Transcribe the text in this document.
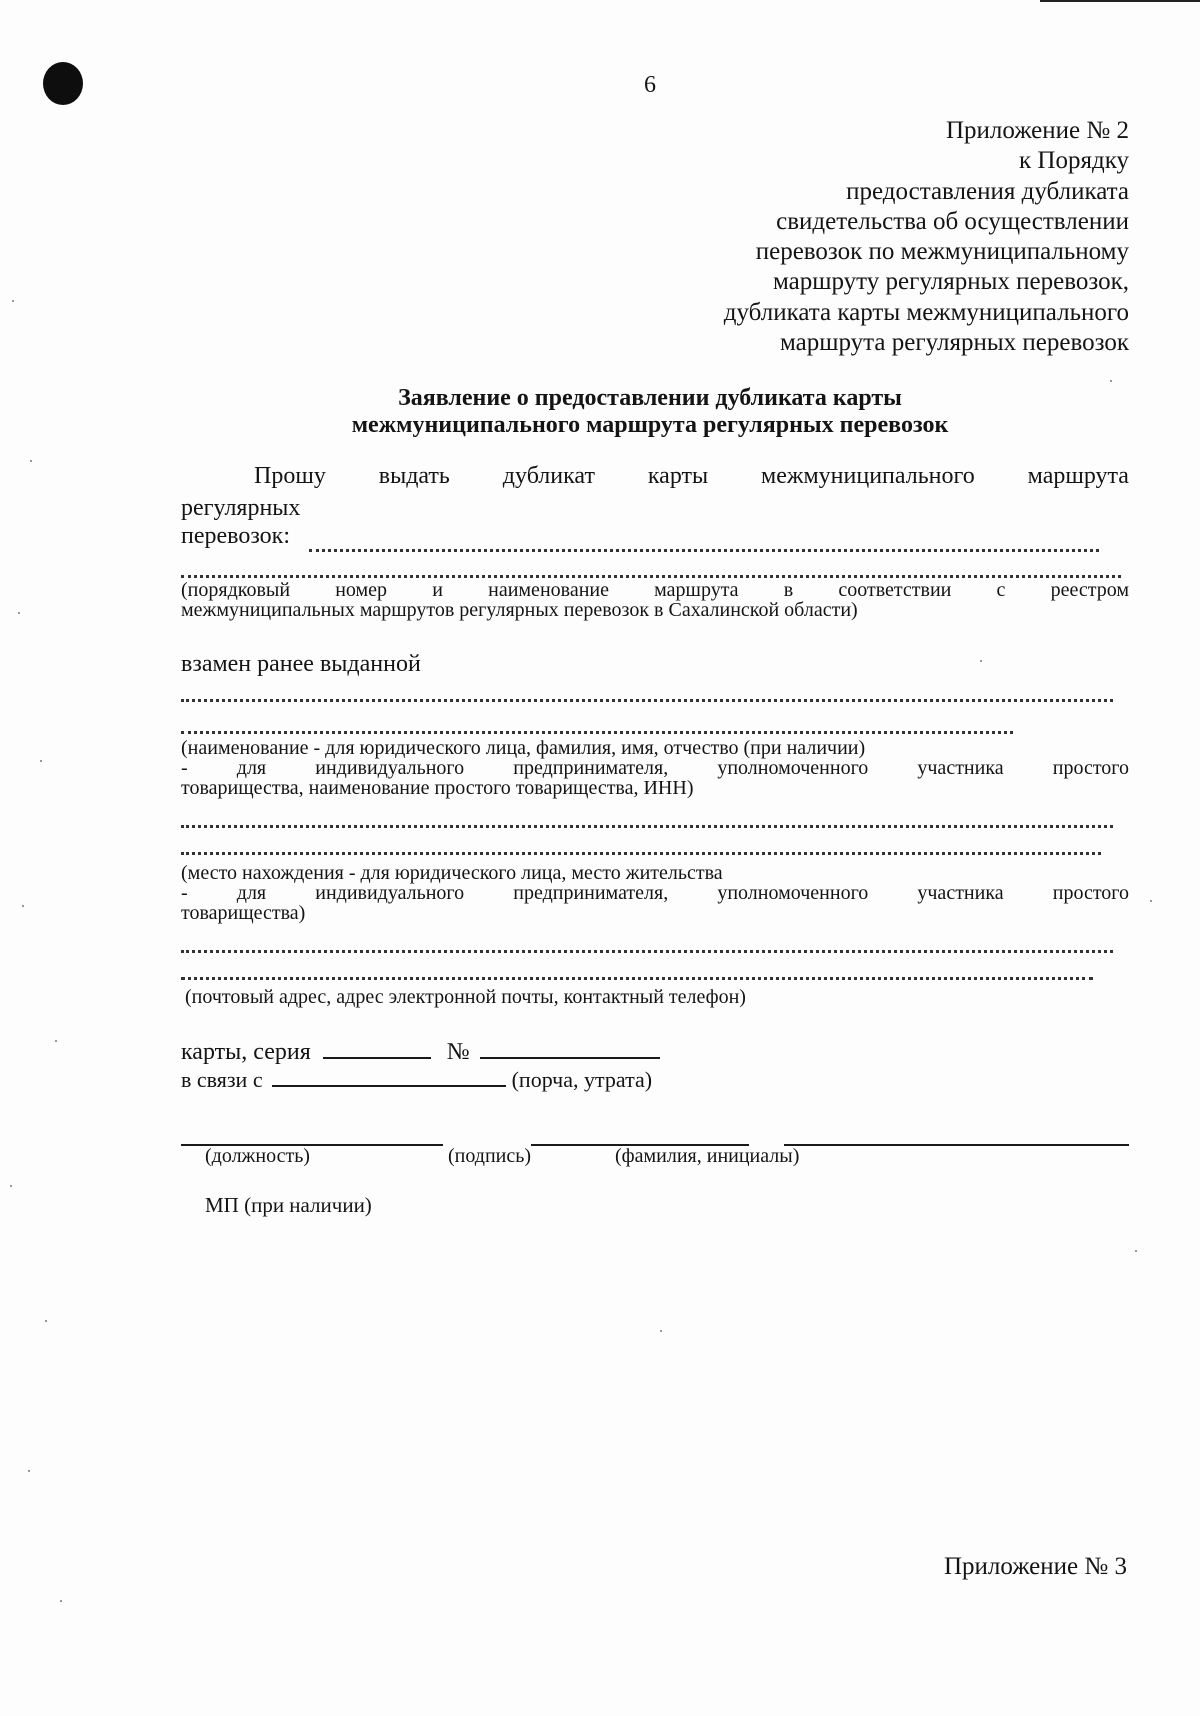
6
Приложение № 2
к Порядку
предоставления дубликата
свидетельства об осуществлении
перевозок по межмуниципальному
маршруту регулярных перевозок,
дубликата карты межмуниципального
маршрута регулярных перевозок
Заявление о предоставлении дубликата карты
межмуниципального маршрута регулярных перевозок
Прошу выдать дубликат карты межмуниципального маршрута
регулярных
перевозок:
(порядковый номер и наименование маршрута в соответствии с реестром
межмуниципальных маршрутов регулярных перевозок в Сахалинской области)
взамен ранее выданной
(наименование - для юридического лица, фамилия, имя, отчество (при наличии)
- для индивидуального предпринимателя, уполномоченного участника простого
товарищества, наименование простого товарищества, ИНН)
(место нахождения - для юридического лица, место жительства
- для индивидуального предпринимателя, уполномоченного участника простого
товарищества)
(почтовый адрес, адрес электронной почты, контактный телефон)
карты, серия	№
в связи с	(порча, утрата)
(должность)	(подпись)	(фамилия, инициалы)
МП (при наличии)
Приложение № 3
